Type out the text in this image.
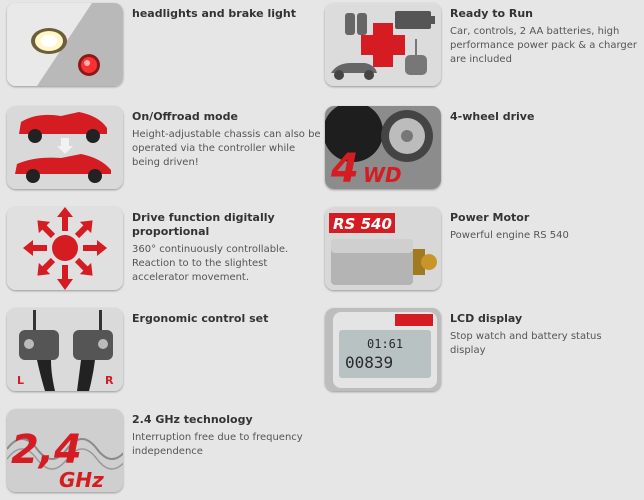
headlights and brake light	Ready to Run
Car, controls, 2 AA batteries, high performance power pack & a charger are included
On/Offroad mode
Height-adjustable chassis can also be operated via the controller while being driven!	4 WD
4-wheel drive
Drive function digitally proportional
360° continuously controllable. Reaction to to the slightest accelerator movement.
RS 540	Power Motor
Powerful engine RS 540
L	R
Ergonomic control set
01:61
00839
LCD display
Stop watch and battery status display
2,4
GHz
2.4 GHz technology
Interruption free due to frequency independence
